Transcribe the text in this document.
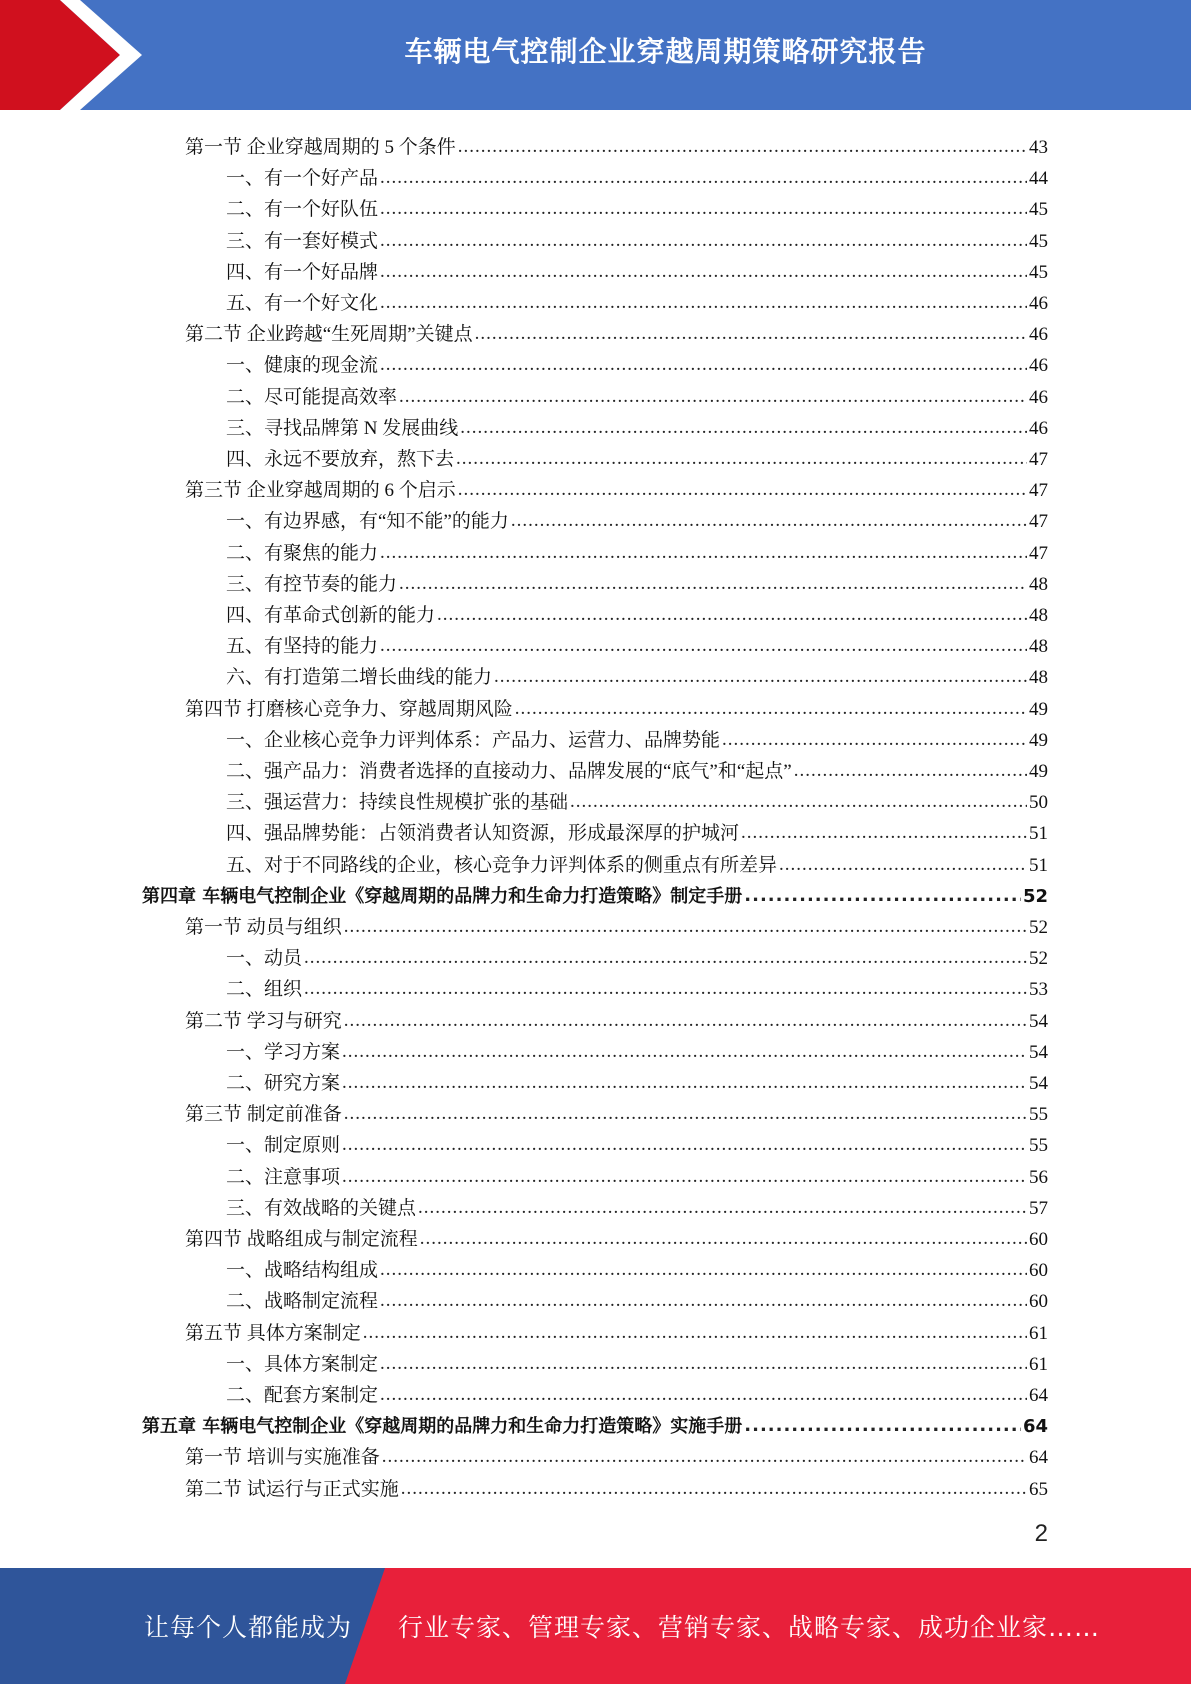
车辆电气控制企业穿越周期策略研究报告
第一节 企业穿越周期的 5 个条件 .....	43
一、有一个好产品 .....	44
二、有一个好队伍 .....	45
三、有一套好模式 .....	45
四、有一个好品牌 .....	45
五、有一个好文化 .....	46
第二节 企业跨越“生死周期”关键点 .....	46
一、健康的现金流 .....	46
二、尽可能提高效率 .....	46
三、寻找品牌第 N 发展曲线 .....	46
四、永远不要放弃，熬下去 .....	47
第三节 企业穿越周期的 6 个启示 .....	47
一、有边界感，有“知不能”的能力 .....	47
二、有聚焦的能力 .....	47
三、有控节奏的能力 .....	48
四、有革命式创新的能力 .....	48
五、有坚持的能力 .....	48
六、有打造第二增长曲线的能力 .....	48
第四节 打磨核心竞争力、穿越周期风险 .....	49
一、企业核心竞争力评判体系：产品力、运营力、品牌势能 .....	49
二、强产品力：消费者选择的直接动力、品牌发展的“底气”和“起点” .....	49
三、强运营力：持续良性规模扩张的基础 .....	50
四、强品牌势能：占领消费者认知资源，形成最深厚的护城河 .....	51
五、对于不同路线的企业，核心竞争力评判体系的侧重点有所差异 .....	51
第四章 车辆电气控制企业《穿越周期的品牌力和生命力打造策略》制定手册 .....	52
第一节 动员与组织 .....	52
一、动员 .....	52
二、组织 .....	53
第二节 学习与研究 .....	54
一、学习方案 .....	54
二、研究方案 .....	54
第三节 制定前准备 .....	55
一、制定原则 .....	55
二、注意事项 .....	56
三、有效战略的关键点 .....	57
第四节 战略组成与制定流程 .....	60
一、战略结构组成 .....	60
二、战略制定流程 .....	60
第五节 具体方案制定 .....	61
一、具体方案制定 .....	61
二、配套方案制定 .....	64
第五章 车辆电气控制企业《穿越周期的品牌力和生命力打造策略》实施手册 .....	64
第一节 培训与实施准备 .....	64
第二节 试运行与正式实施 .....	65
2
让每个人都能成为 行业专家、管理专家、营销专家、战略专家、成功企业家……
